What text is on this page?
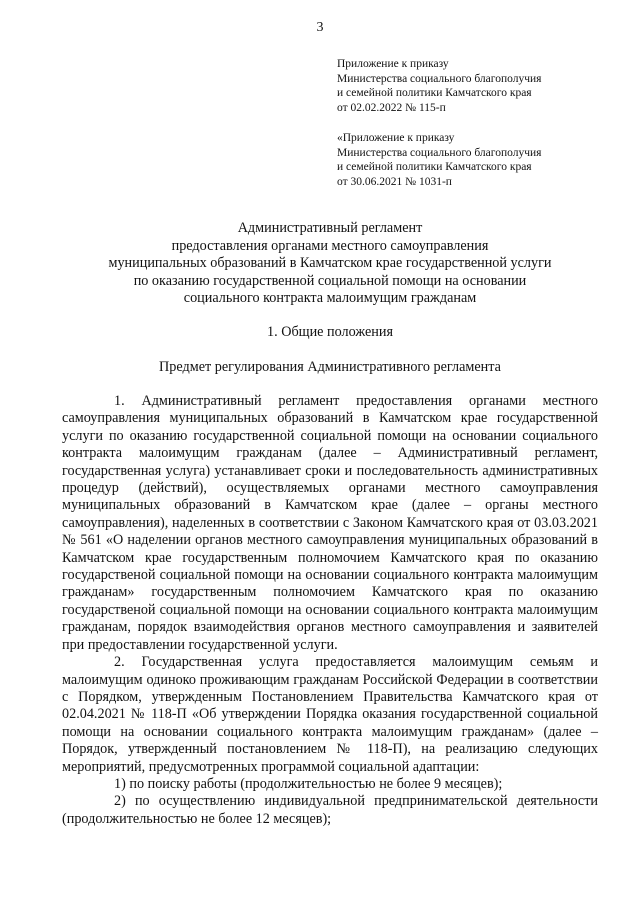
3
Приложение к приказу
Министерства социального благополучия
и семейной политики Камчатского края
от 02.02.2022 № 115-п
«Приложение к приказу
Министерства социального благополучия
и семейной политики Камчатского края
от 30.06.2021 № 1031-п
Административный регламент
предоставления органами местного самоуправления
муниципальных образований в Камчатском крае государственной услуги
по оказанию государственной социальной помощи на основании
социального контракта малоимущим гражданам
1. Общие положения
Предмет регулирования Административного регламента

1. Административный регламент предоставления органами местного самоуправления муниципальных образований в Камчатском крае государственной услуги по оказанию государственной социальной помощи на основании социального контракта малоимущим гражданам (далее – Административный регламент, государственная услуга) устанавливает сроки и последовательность административных процедур (действий), осуществляемых органами местного самоуправления муниципальных образований в Камчатском крае (далее – органы местного самоуправления), наделенных в соответствии с Законом Камчатского края от 03.03.2021 № 561 «О наделении органов местного самоуправления муниципальных образований в Камчатском крае государственным полномочием Камчатского края по оказанию государственой социальной помощи на основании социального контракта малоимущим гражданам» государственным полномочием Камчатского края по оказанию государственой социальной помощи на основании социального контракта малоимущим гражданам, порядок взаимодействия органов местного самоуправления и заявителей при предоставлении государственной услуги.

2. Государственная услуга предоставляется малоимущим семьям и малоимущим одиноко проживающим гражданам Российской Федерации в соответствии с Порядком, утвержденным Постановлением Правительства Камчатского края от 02.04.2021 № 118-П «Об утверждении Порядка оказания государственной социальной помощи на основании социального контракта малоимущим гражданам» (далее – Порядок, утвержденный постановлением № 118-П), на реализацию следующих мероприятий, предусмотренных программой социальной адаптации:

1) по поиску работы (продолжительностью не более 9 месяцев);

2) по осуществлению индивидуальной предпринимательской деятельности (продолжительностью не более 12 месяцев);
